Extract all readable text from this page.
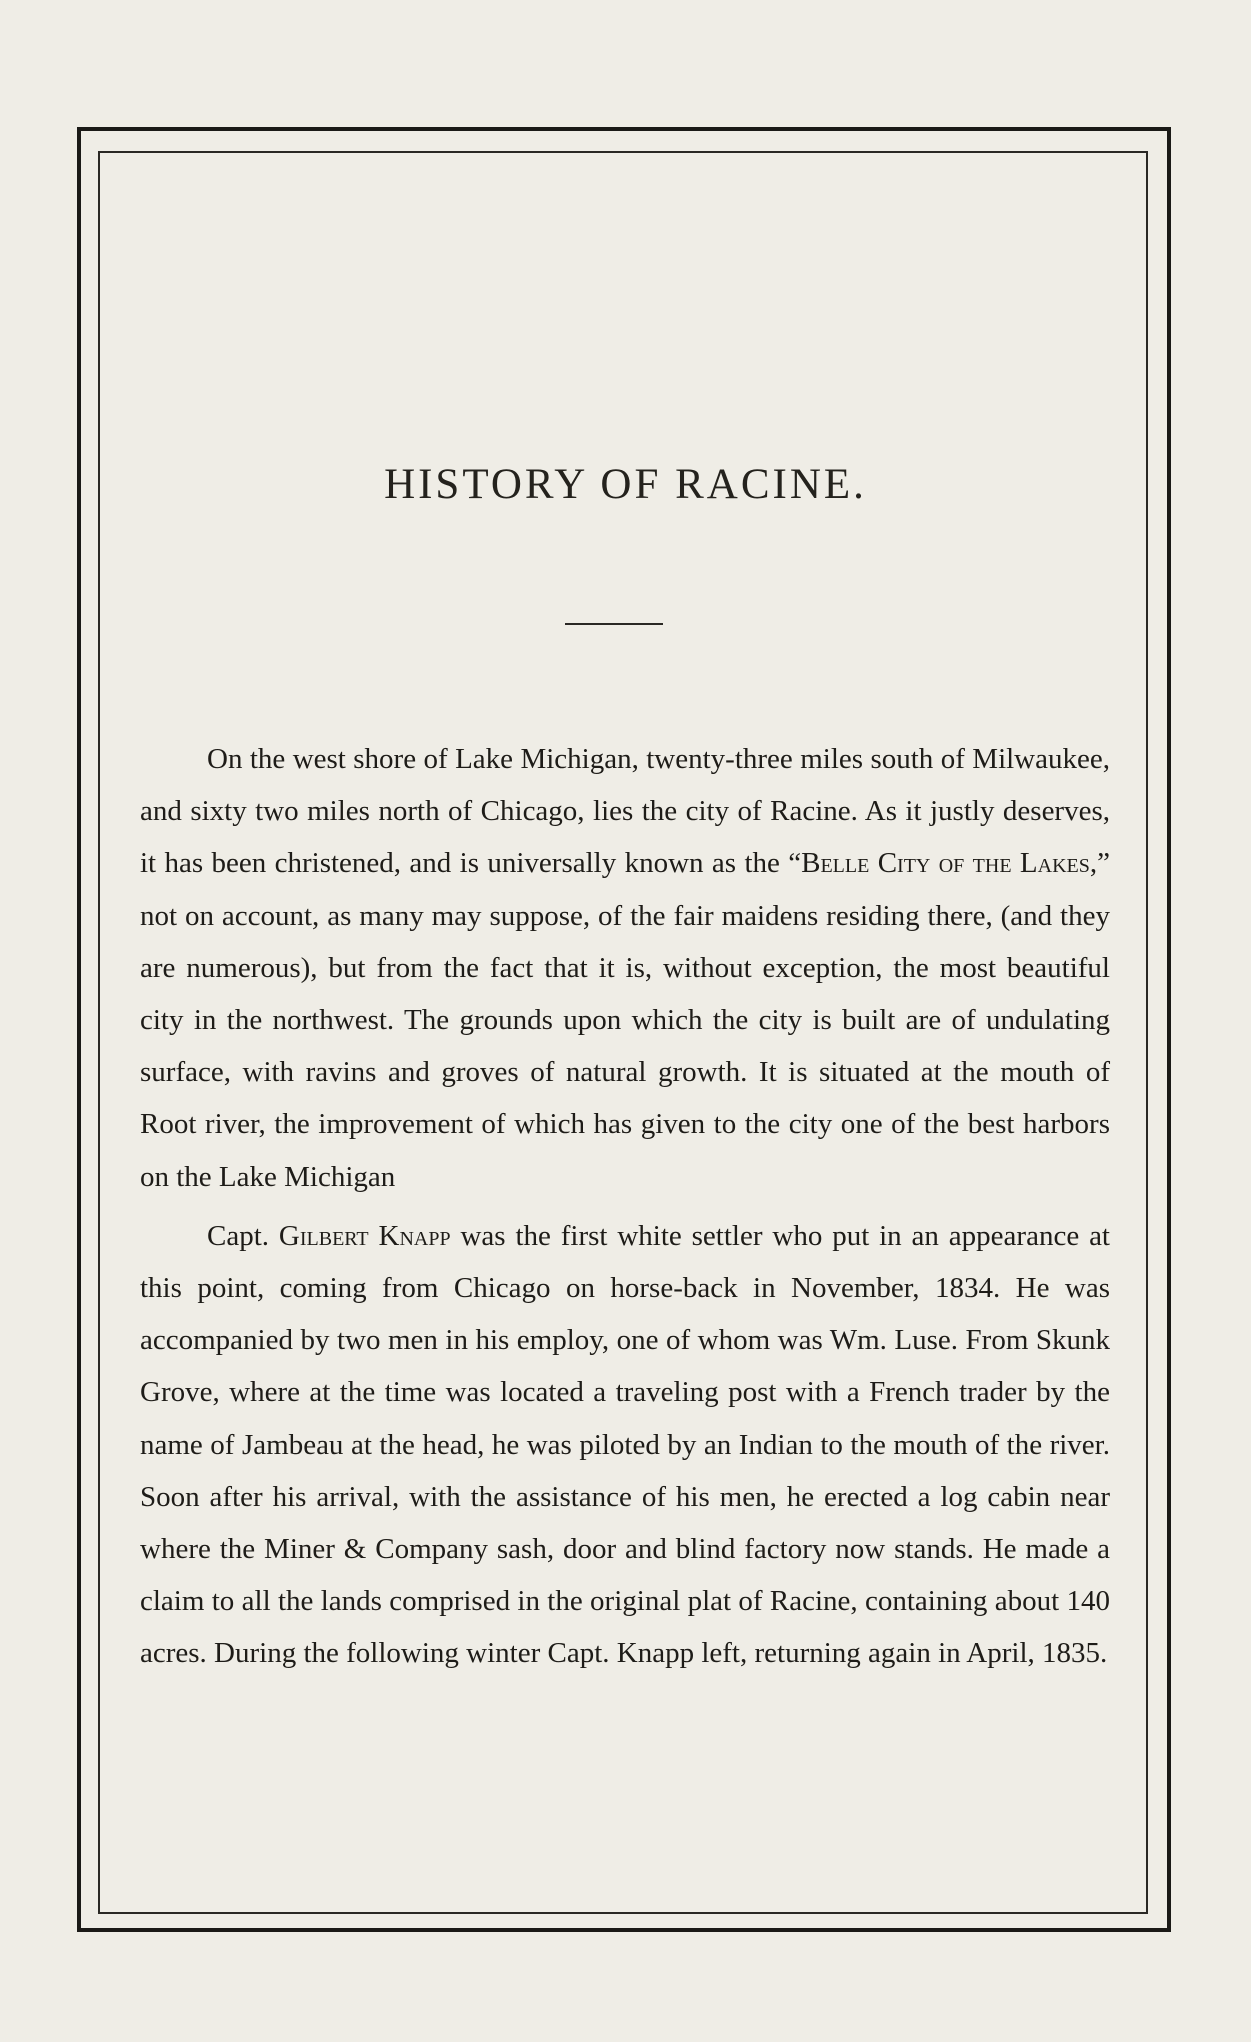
HISTORY OF RACINE.

On the west shore of Lake Michigan, twenty-three miles south of Milwaukee, and sixty two miles north of Chicago, lies the city of Racine. As it justly deserves, it has been christened, and is universally known as the “Belle City of the Lakes,” not on account, as many may suppose, of the fair maidens residing there, (and they are numerous), but from the fact that it is, without exception, the most beautiful city in the northwest. The grounds upon which the city is built are of undulating surface, with ravins and groves of natural growth. It is situated at the mouth of Root river, the improvement of which has given to the city one of the best harbors on the Lake Michigan

Capt. Gilbert Knapp was the first white settler who put in an appearance at this point, coming from Chicago on horse-back in November, 1834. He was accompanied by two men in his employ, one of whom was Wm. Luse. From Skunk Grove, where at the time was located a traveling post with a French trader by the name of Jambeau at the head, he was piloted by an Indian to the mouth of the river. Soon after his arrival, with the assistance of his men, he erected a log cabin near where the Miner & Company sash, door and blind factory now stands. He made a claim to all the lands comprised in the original plat of Racine, containing about 140 acres. During the following winter Capt. Knapp left, returning again in April, 1835.
